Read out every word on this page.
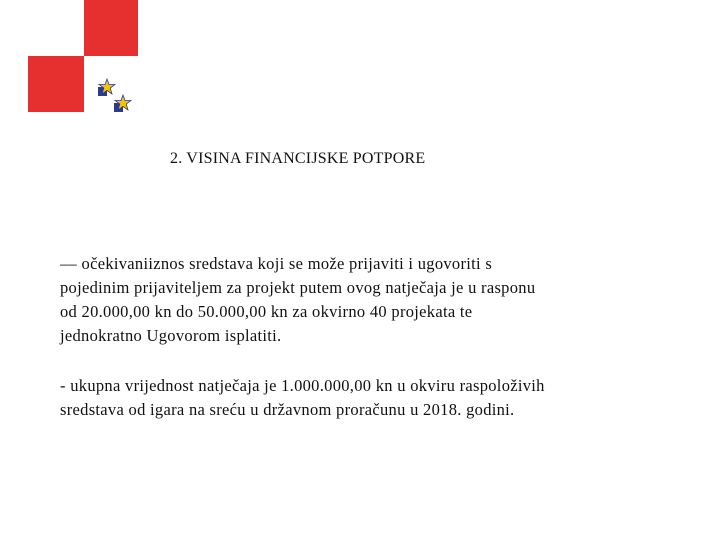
2. VISINA FINANCIJSKE POTPORE
–– očekivaniiznos sredstava koji se može prijaviti i ugovoriti s
pojedinim prijaviteljem za projekt putem ovog natječaja je u rasponu
od 20.000,00 kn do 50.000,00 kn za okvirno 40 projekata te
jednokratno Ugovorom isplatiti.
- ukupna vrijednost natječaja je 1.000.000,00 kn u okviru raspoloživih
sredstava od igara na sreću u državnom proračunu u 2018. godini.
